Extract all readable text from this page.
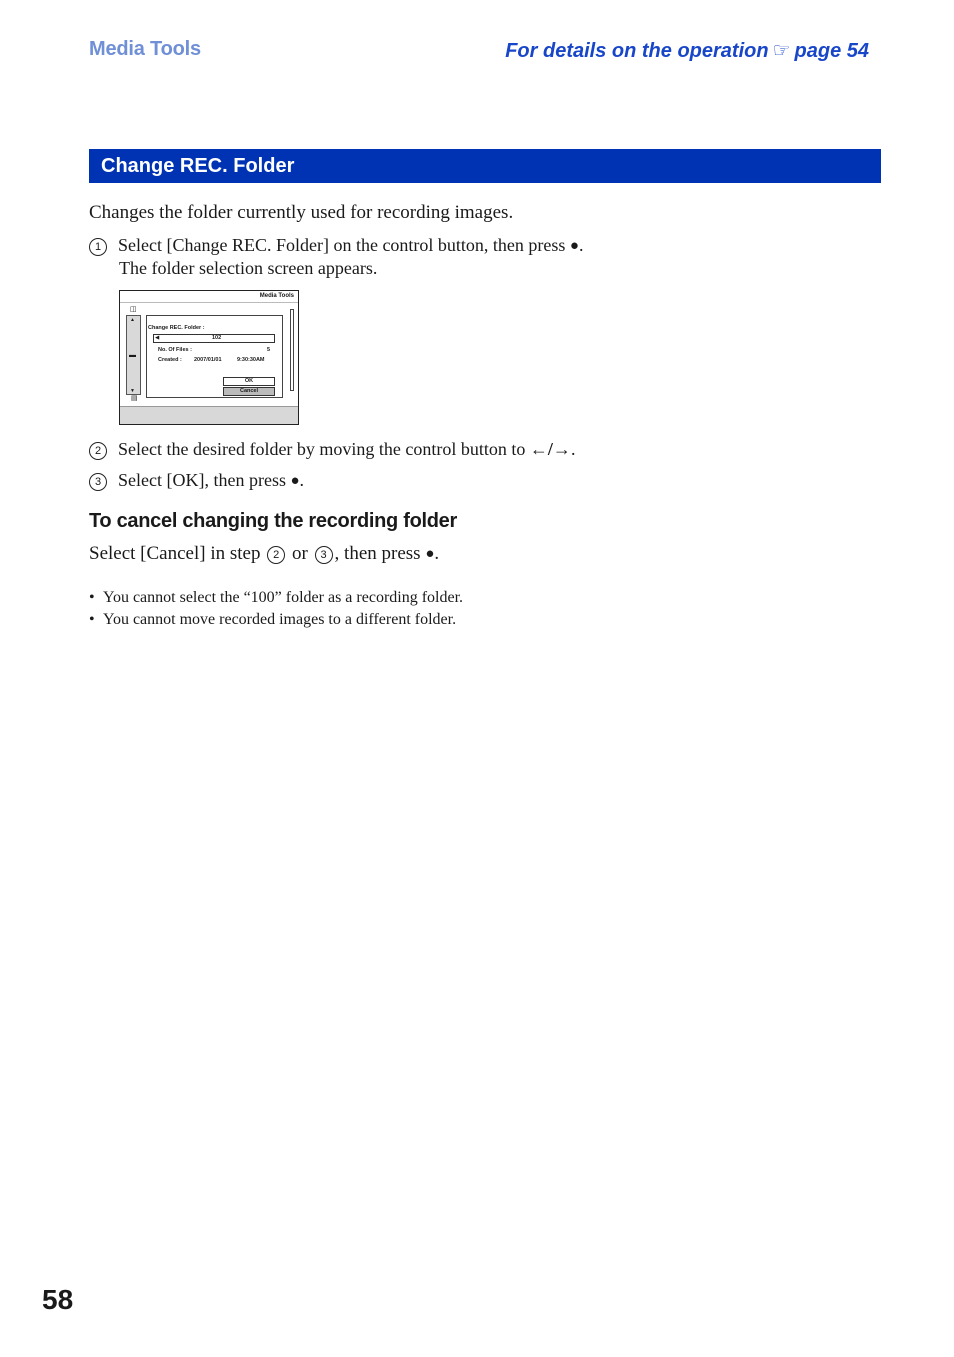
Media Tools	For details on the operation ☞ page 54
Change REC. Folder
Changes the folder currently used for recording images.
1 Select [Change REC. Folder] on the control button, then press ●.
The folder selection screen appears.
Media Tools
◫
▲
▬
▼
▤
Change REC. Folder :
◀	102
No. Of Files :	5
Created : 2007/01/01	9:30:30AM
OK
Cancel
2 Select the desired folder by moving the control button to ←/→.
3 Select [OK], then press ●.
To cancel changing the recording folder
Select [Cancel] in step 2 or 3 , then press ●.
• You cannot select the “100” folder as a recording folder.
• You cannot move recorded images to a different folder.
58
